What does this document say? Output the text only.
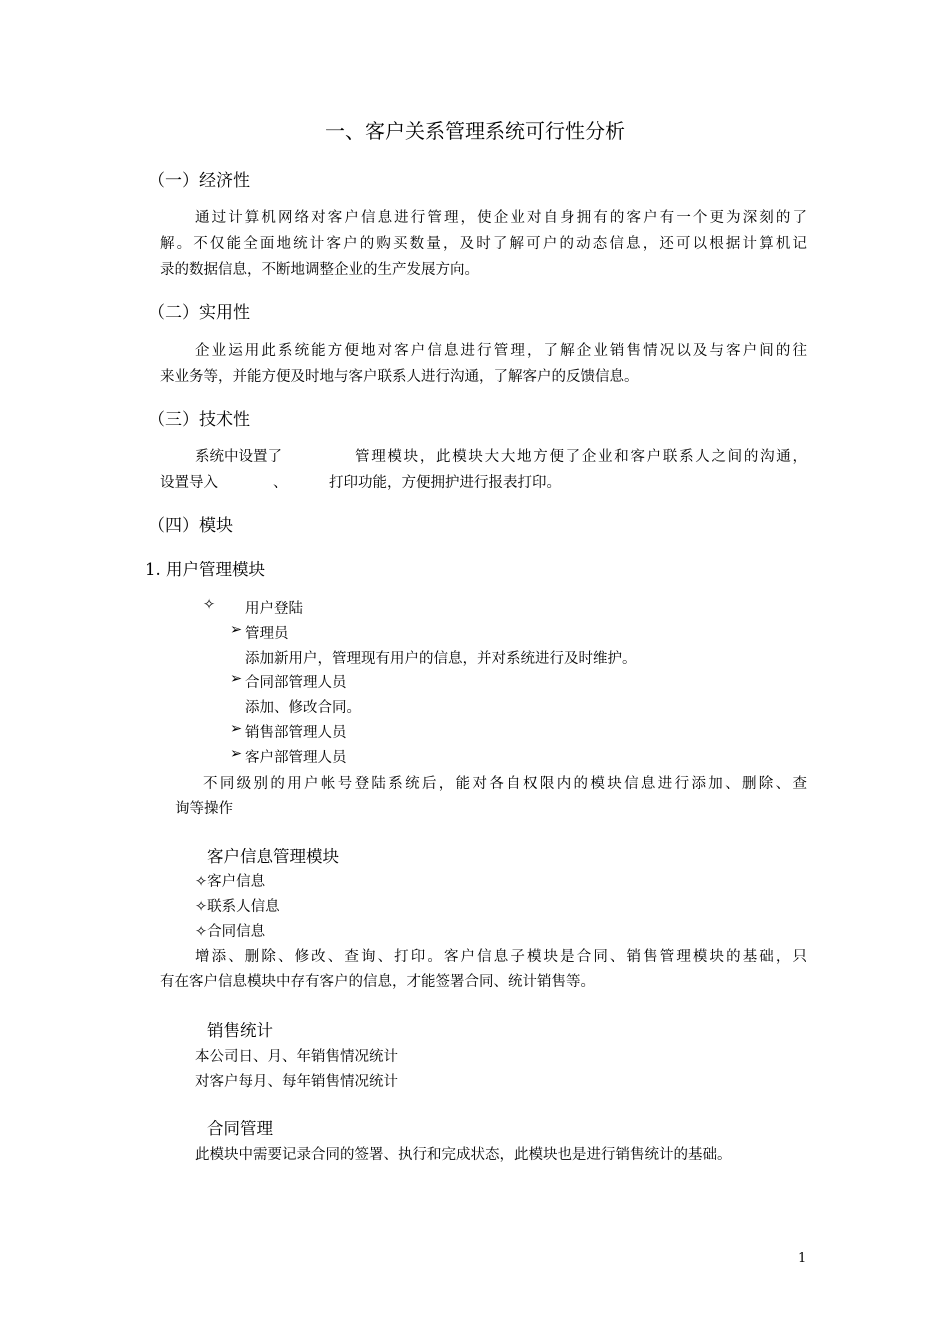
一、客户关系管理系统可行性分析
（一）经济性
通过计算机网络对客户信息进行管理，使企业对自身拥有的客户有一个更为深刻的了
解。不仅能全面地统计客户的购买数量，及时了解可户的动态信息，还可以根据计算机记
录的数据信息，不断地调整企业的生产发展方向。
（二）实用性
企业运用此系统能方便地对客户信息进行管理，了解企业销售情况以及与客户间的往
来业务等，并能方便及时地与客户联系人进行沟通，了解客户的反馈信息。
（三）技术性
系统中设置了	管理模块，此模块大大地方便了企业和客户联系人之间的沟通，
设置导入	、	打印功能，方便拥护进行报表打印。
（四）模块
1. 用户管理模块
✧ 用户登陆
➢ 管理员
添加新用户，管理现有用户的信息，并对系统进行及时维护。
➢ 合同部管理人员
添加、修改合同。
➢ 销售部管理人员
➢ 客户部管理人员
不同级别的用户帐号登陆系统后，能对各自权限内的模块信息进行添加、删除、查
询等操作
客户信息管理模块
✧客户信息
✧联系人信息
✧合同信息
增添、删除、修改、查询、打印。客户信息子模块是合同、销售管理模块的基础，只
有在客户信息模块中存有客户的信息，才能签署合同、统计销售等。
销售统计
本公司日、月、年销售情况统计
对客户每月、每年销售情况统计
合同管理
此模块中需要记录合同的签署、执行和完成状态，此模块也是进行销售统计的基础。
1
